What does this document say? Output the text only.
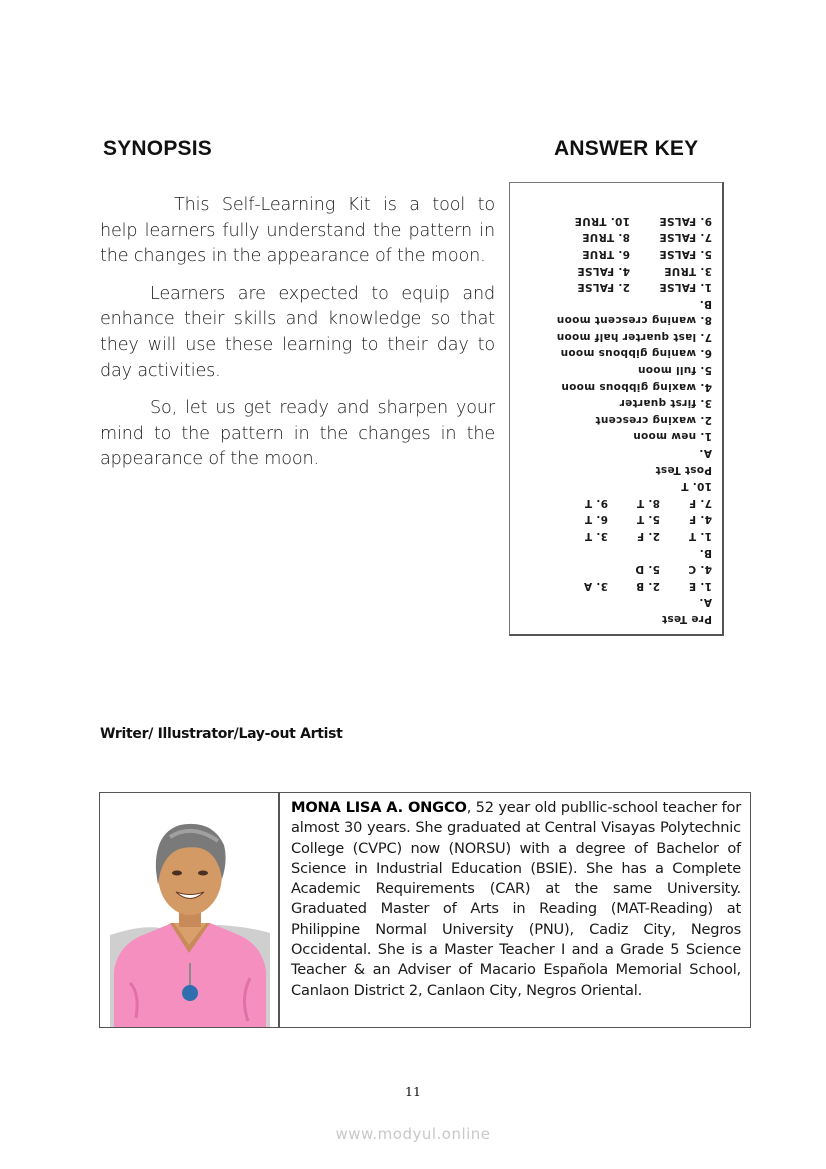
SYNOPSIS	ANSWER KEY

This Self-Learning Kit is a tool to help learners fully understand the pattern in the changes in the appearance of the moon.

Learners are expected to equip and enhance their skills and knowledge so that they will use these learning to their day to day activities.

So, let us get ready and sharpen your mind to the pattern in the changes in the appearance of the moon.

Pre Test
A.
1. E
2. B
3. A
4. C
5. D
B.
1. T
2. F
3. T
4. F
5. T
6. T
7. F
8. T
9. T
10. T
Post Test
A.
1. new moon
2. waxing crescent
3. first quarter
4. waxing gibbous moon
5. full moon
6. waning gibbous moon
7. last quarter half moon
8. waning crescent moon
B.
1. FALSE
2. FALSE
3. TRUE
4. FALSE
5. FALSE
6. TRUE
7. FALSE
8. TRUE
9. FALSE
10. TRUE
Writer/ Illustrator/Lay-out Artist
MONA LISA A. ONGCO, 52 year old publlic-school teacher for almost 30 years. She graduated at Central Visayas Polytechnic College (CVPC) now (NORSU) with a degree of Bachelor of Science in Industrial Education (BSIE). She has a Complete Academic Requirements (CAR) at the same University. Graduated Master of Arts in Reading (MAT-Reading) at Philippine Normal University (PNU), Cadiz City, Negros Occidental. She is a Master Teacher I and a Grade 5 Science Teacher & an Adviser of Macario Española Memorial School, Canlaon District 2, Canlaon City, Negros Oriental.
11
www.modyul.online
